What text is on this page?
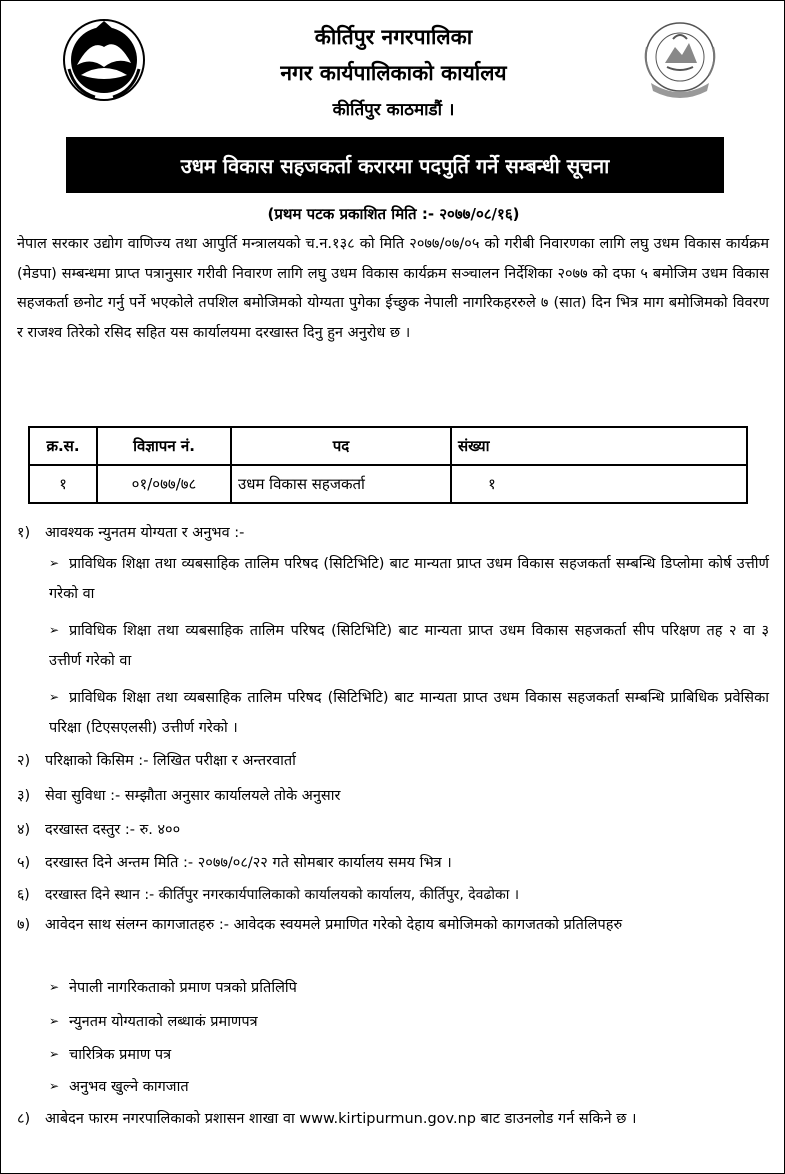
कीर्तिपुर नगरपालिका
नगर कार्यपालिकाको कार्यालय
कीर्तिपुर काठमाडौं ।
उधम विकास सहजकर्ता करारमा पदपुर्ति गर्ने सम्बन्धी सूचना
(प्रथम पटक प्रकाशित मिति :- २०७७/०८/१६)
नेपाल सरकार उद्योग वाणिज्य तथा आपुर्ति मन्त्रालयको च.न.१३८ को मिति २०७७/०७/०५ को गरीबी निवारणका लागि लघु उधम विकास कार्यक्रम (मेडपा) सम्बन्धमा प्राप्त पत्रानुसार गरीवी निवारण लागि लघु उधम विकास कार्यक्रम सञ्चालन निर्देशिका २०७७ को दफा ५ बमोजिम उधम विकास सहजकर्ता छनोट गर्नु पर्ने भएकोले तपशिल बमोजिमको योग्यता पुगेका ईच्छुक नेपाली नागरिकहररुले ७ (सात) दिन भित्र माग बमोजिमको विवरण र राजश्व तिरेको रसिद सहित यस कार्यालयमा दरखास्त दिनु हुन अनुरोध छ ।
क्र.स.	विज्ञापन नं.	पद	संख्या
१	०१/०७७/७८	उधम विकास सहजकर्ता	१
१) आवश्यक न्युनतम योग्यता र अनुभव :-
➢ प्राविधिक शिक्षा तथा व्यबसाहिक तालिम परिषद (सिटिभिटि) बाट मान्यता प्राप्त उधम विकास सहजकर्ता सम्बन्धि डिप्लोमा कोर्ष उत्तीर्ण गरेको वा
➢ प्राविधिक शिक्षा तथा व्यबसाहिक तालिम परिषद (सिटिभिटि) बाट मान्यता प्राप्त उधम विकास सहजकर्ता सीप परिक्षण तह २ वा ३ उत्तीर्ण गरेको वा
➢ प्राविधिक शिक्षा तथा व्यबसाहिक तालिम परिषद (सिटिभिटि) बाट मान्यता प्राप्त उधम विकास सहजकर्ता सम्बन्धि प्राबिधिक प्रवेसिका परिक्षा (टिएसएलसी) उत्तीर्ण गरेको ।
२) परिक्षाको किसिम :- लिखित परीक्षा र अन्तरवार्ता
३) सेवा सुविधा :- सम्झौता अनुसार कार्यालयले तोके अनुसार
४) दरखास्त दस्तुर :- रु. ४००
५) दरखास्त दिने अन्तम मिति :- २०७७/०८/२२ गते सोमबार कार्यालय समय भित्र ।
६) दरखास्त दिने स्थान :- कीर्तिपुर नगरकार्यपालिकाको कार्यालयको कार्यालय, कीर्तिपुर, देवढोका ।
७) आवेदन साथ संलग्न कागजातहरु :- आवेदक स्वयमले प्रमाणित गरेको देहाय बमोजिमको कागजतको प्रतिलिपहरु
➢ नेपाली नागरिकताको प्रमाण पत्रको प्रतिलिपि
➢ न्युनतम योग्यताको लब्धाकं प्रमाणपत्र
➢ चारित्रिक प्रमाण पत्र
➢ अनुभव खुल्ने कागजात
८) आबेदन फारम नगरपालिकाको प्रशासन शाखा वा www.kirtipurmun.gov.np बाट डाउनलोड गर्न सकिने छ ।
